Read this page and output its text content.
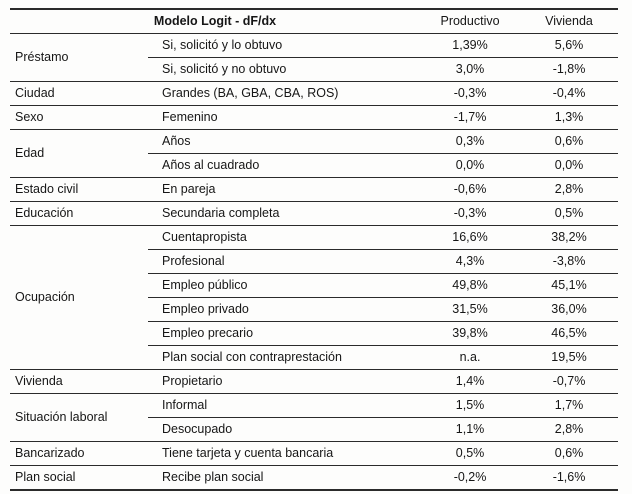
Modelo Logit - dF/dx		Productivo	Vivienda
Préstamo	Si, solicitó y lo obtuvo	1,39%	5,6%
	Si, solicitó y no obtuvo	3,0%	-1,8%
Ciudad	Grandes (BA, GBA, CBA, ROS)	-0,3%	-0,4%
Sexo	Femenino	-1,7%	1,3%
Edad	Años	0,3%	0,6%
	Años al cuadrado	0,0%	0,0%
Estado civil	En pareja	-0,6%	2,8%
Educación	Secundaria completa	-0,3%	0,5%
Ocupación	Cuentapropista	16,6%	38,2%
	Profesional	4,3%	-3,8%
	Empleo público	49,8%	45,1%
	Empleo privado	31,5%	36,0%
	Empleo precario	39,8%	46,5%
	Plan social con contraprestación	n.a.	19,5%
Vivienda	Propietario	1,4%	-0,7%
Situación laboral	Informal	1,5%	1,7%
	Desocupado	1,1%	2,8%
Bancarizado	Tiene tarjeta y cuenta bancaria	0,5%	0,6%
Plan social	Recibe plan social	-0,2%	-1,6%
